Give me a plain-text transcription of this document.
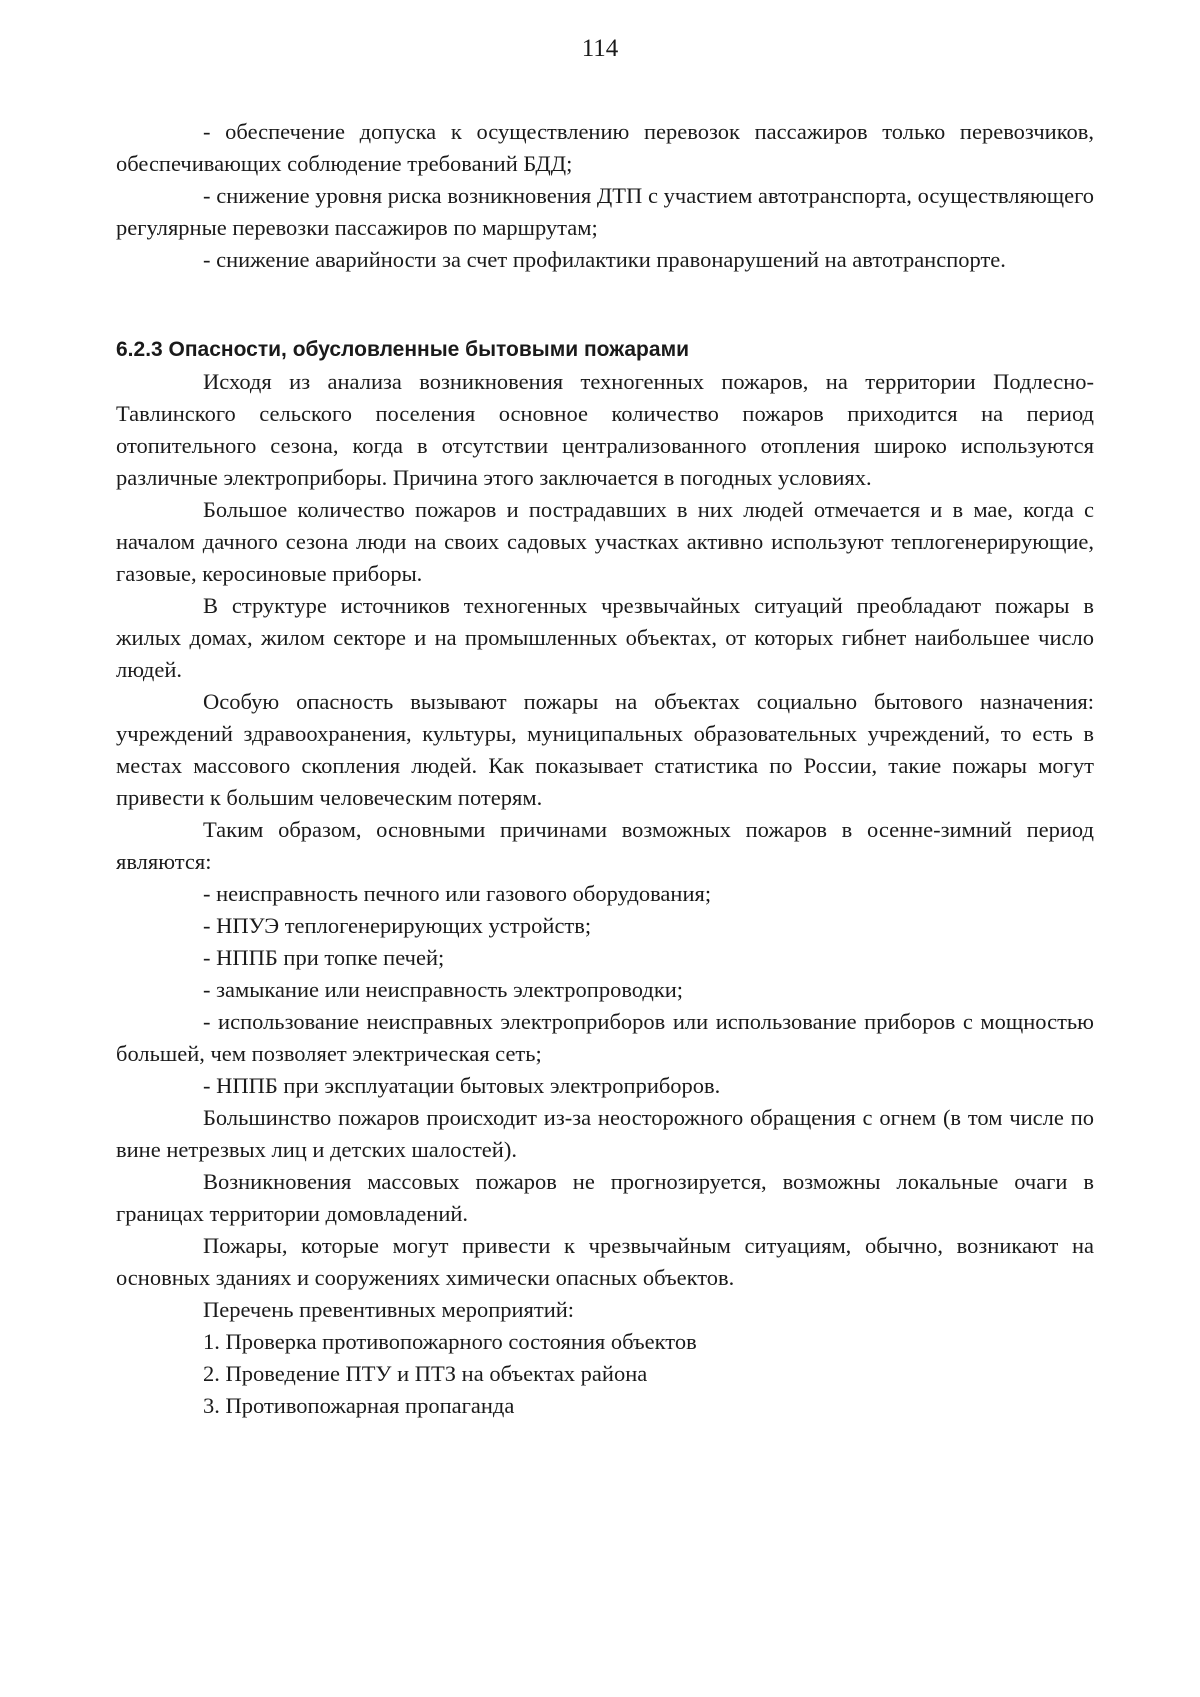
114

- обеспечение допуска к осуществлению перевозок пассажиров только перевозчиков, обеспечивающих соблюдение требований БДД;

- снижение уровня риска возникновения ДТП с участием автотранспорта, осуществляющего регулярные перевозки пассажиров по маршрутам;

- снижение аварийности за счет профилактики правонарушений на автотранспорте.

6.2.3 Опасности, обусловленные бытовыми пожарами

Исходя из анализа возникновения техногенных пожаров, на территории Подлесно-Тавлинского сельского поселения основное количество пожаров приходится на период отопительного сезона, когда в отсутствии централизованного отопления широко используются различные электроприборы. Причина этого заключается в погодных условиях.

Большое количество пожаров и пострадавших в них людей отмечается и в мае, когда с началом дачного сезона люди на своих садовых участках активно используют теплогенерирующие, газовые, керосиновые приборы.

В структуре источников техногенных чрезвычайных ситуаций преобладают пожары в жилых домах, жилом секторе и на промышленных объектах, от которых гибнет наибольшее число людей.

Особую опасность вызывают пожары на объектах социально бытового назначения: учреждений здравоохранения, культуры, муниципальных образовательных учреждений, то есть в местах массового скопления людей. Как показывает статистика по России, такие пожары могут привести к большим человеческим потерям.

Таким образом, основными причинами возможных пожаров в осенне-зимний период являются:

- неисправность печного или газового оборудования;

- НПУЭ теплогенерирующих устройств;

- НППБ при топке печей;

- замыкание или неисправность электропроводки;

- использование неисправных электроприборов или использование приборов с мощностью большей, чем позволяет электрическая сеть;

- НППБ при эксплуатации бытовых электроприборов.

Большинство пожаров происходит из-за неосторожного обращения с огнем (в том числе по вине нетрезвых лиц и детских шалостей).

Возникновения массовых пожаров не прогнозируется, возможны локальные очаги в границах территории домовладений.

Пожары, которые могут привести к чрезвычайным ситуациям, обычно, возникают на основных зданиях и сооружениях химически опасных объектов.

Перечень превентивных мероприятий:

1. Проверка противопожарного состояния объектов

2. Проведение ПТУ и ПТЗ на объектах района

3. Противопожарная пропаганда
